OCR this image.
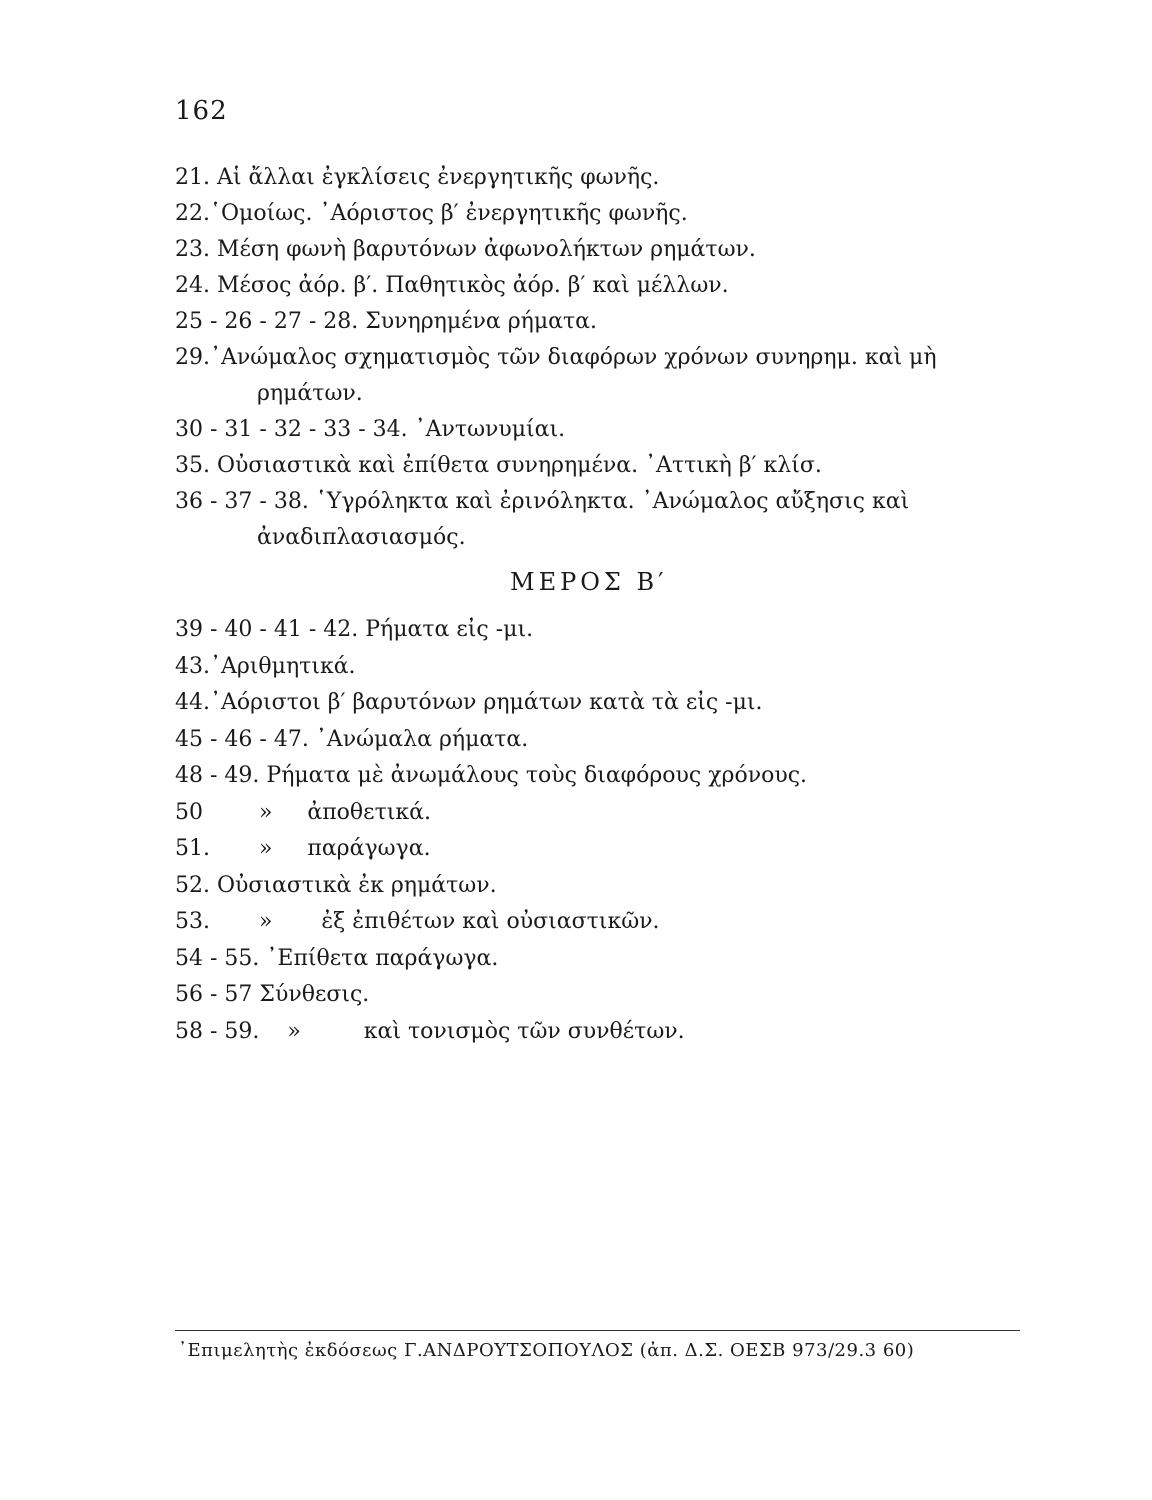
162
21. Αἱ ἄλλαι ἐγκλίσεις ἐνεργητικῆς φωνῆς.
22.῾Ομοίως. ᾿Αόριστος β′ ἐνεργητικῆς φωνῆς.
23. Μέση φωνὴ βαρυτόνων ἀφωνολήκτων ρημάτων.
24. Μέσος ἀόρ. β′. Παθητικὸς ἀόρ. β′ καὶ μέλλων.
25 - 26 - 27 - 28. Συνηρημένα ρήματα.
29.᾿Ανώμαλος σχηματισμὸς τῶν διαφόρων χρόνων συνηρημ. καὶ μὴ
ρημάτων.
30 - 31 - 32 - 33 - 34. ᾿Αντωνυμίαι.
35. Οὐσιαστικὰ καὶ ἐπίθετα συνηρημένα. ᾿Αττικὴ β′ κλίσ.
36 - 37 - 38. ῾Υγρόληκτα καὶ ἐρινόληκτα. ᾿Ανώμαλος αὔξησις καὶ
ἀναδιπλασιασμός.
ΜΕΡΟΣ Β′
39 - 40 - 41 - 42. Ρήματα εἰς -μι.
43.᾿Αριθμητικά.
44.᾿Αόριστοι β′ βαρυτόνων ρημάτων κατὰ τὰ εἰς -μι.
45 - 46 - 47. ᾿Ανώμαλα ρήματα.
48 - 49. Ρήματα μὲ ἀνωμάλους τοὺς διαφόρους χρόνους.
50        »     ἀποθετικά.
51.       »     παράγωγα.
52. Οὐσιαστικὰ ἐκ ρημάτων.
53.       »       ἐξ ἐπιθέτων καὶ οὐσιαστικῶν.
54 - 55. ᾿Επίθετα παράγωγα.
56 - 57 Σύνθεσις.
58 - 59.    »         καὶ τονισμὸς τῶν συνθέτων.
᾿Επιμελητὴς ἐκδόσεως Γ.ΑΝΔΡΟΥΤΣΟΠΟΥΛΟΣ (ἀπ. Δ.Σ. ΟΕΣΒ 973/29.3 60)
